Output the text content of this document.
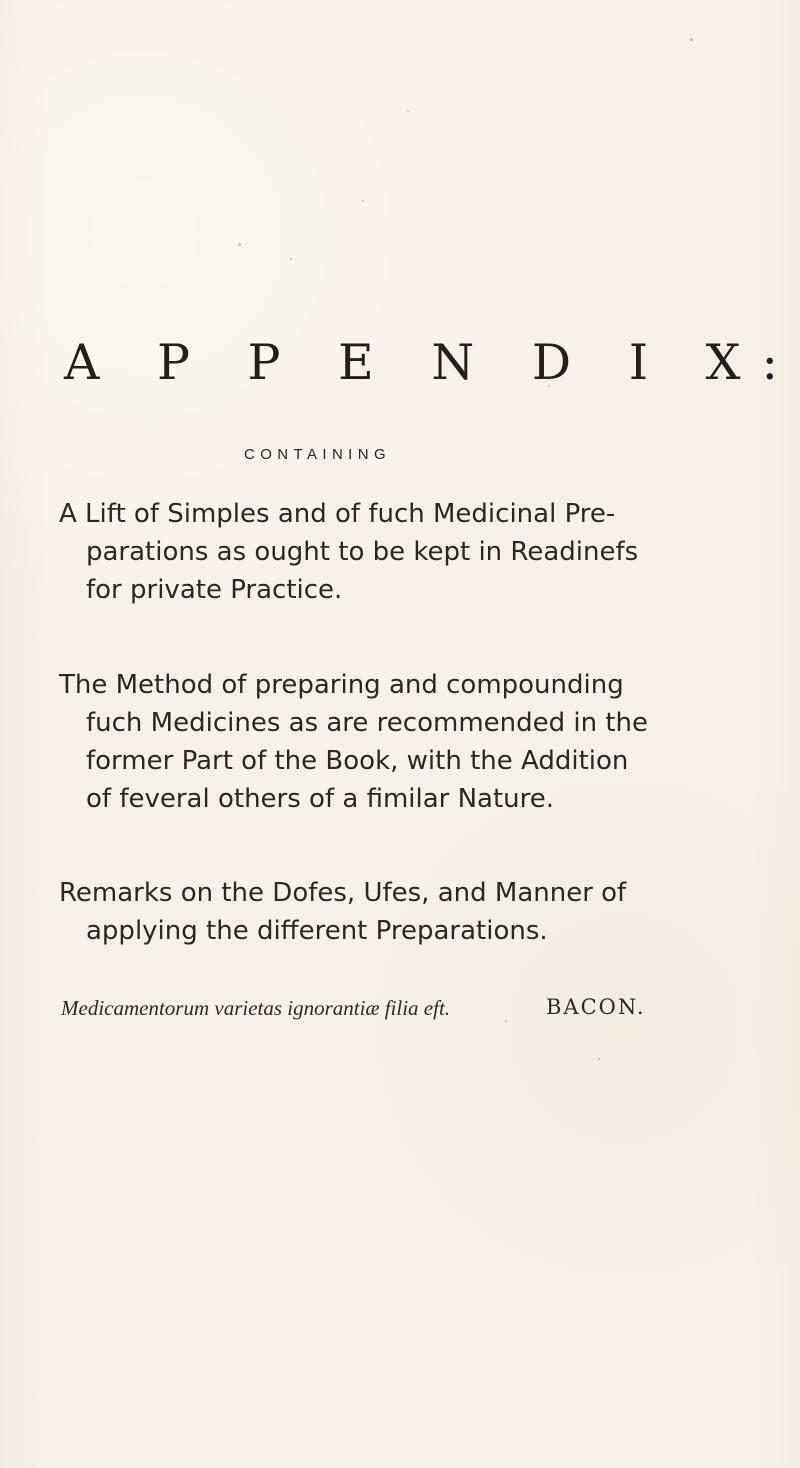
A P P E N D I X:
CONTAINING
A Lift of Simples and of fuch Medicinal Pre-
parations as ought to be kept in Readinefs
for private Practice.
The Method of preparing and compounding
fuch Medicines as are recommended in the
former Part of the Book, with the Addition
of feveral others of a fimilar Nature.
Remarks on the Dofes, Ufes, and Manner of
applying the different Preparations.
Medicamentorum varietas ignorantiæ filia eft.	BACON.
